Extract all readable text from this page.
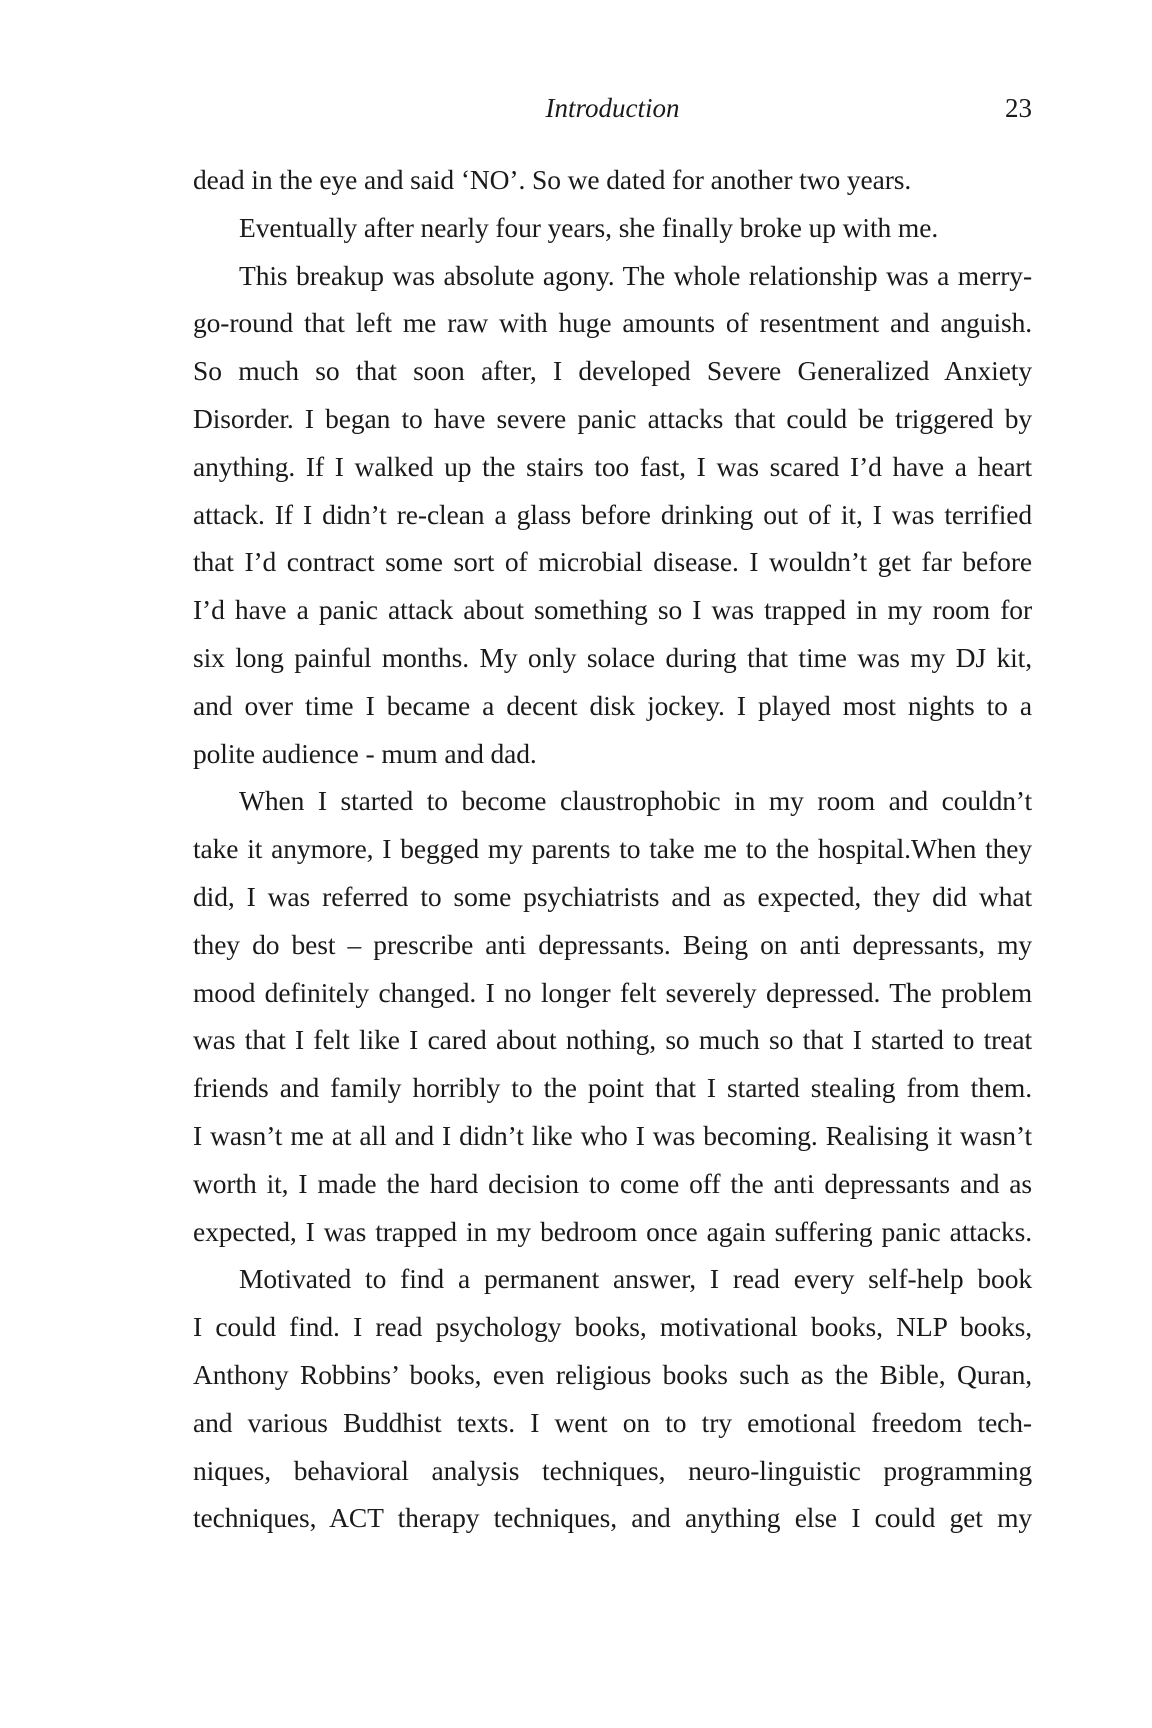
Introduction	23
dead in the eye and said ‘NO’. So we dated for another two years.
Eventually after nearly four years, she finally broke up with me.
This breakup was absolute agony. The whole relationship was a merry-
go-round that left me raw with huge amounts of resentment and anguish.
So much so that soon after, I developed Severe Generalized Anxiety
Disorder. I began to have severe panic attacks that could be triggered by
anything. If I walked up the stairs too fast, I was scared I’d have a heart
attack. If I didn’t re-clean a glass before drinking out of it, I was terrified
that I’d contract some sort of microbial disease. I wouldn’t get far before
I’d have a panic attack about something so I was trapped in my room for
six long painful months. My only solace during that time was my DJ kit,
and over time I became a decent disk jockey. I played most nights to a
polite audience - mum and dad.
When I started to become claustrophobic in my room and couldn’t
take it anymore, I begged my parents to take me to the hospital.When they
did, I was referred to some psychiatrists and as expected, they did what
they do best – prescribe anti depressants. Being on anti depressants, my
mood definitely changed. I no longer felt severely depressed. The problem
was that I felt like I cared about nothing, so much so that I started to treat
friends and family horribly to the point that I started stealing from them.
I wasn’t me at all and I didn’t like who I was becoming. Realising it wasn’t
worth it, I made the hard decision to come off the anti depressants and as
expected, I was trapped in my bedroom once again suffering panic attacks.
Motivated to find a permanent answer, I read every self-help book
I could find. I read psychology books, motivational books, NLP books,
Anthony Robbins’ books, even religious books such as the Bible, Quran,
and various Buddhist texts. I went on to try emotional freedom tech-
niques, behavioral analysis techniques, neuro-linguistic programming
techniques, ACT therapy techniques, and anything else I could get my
